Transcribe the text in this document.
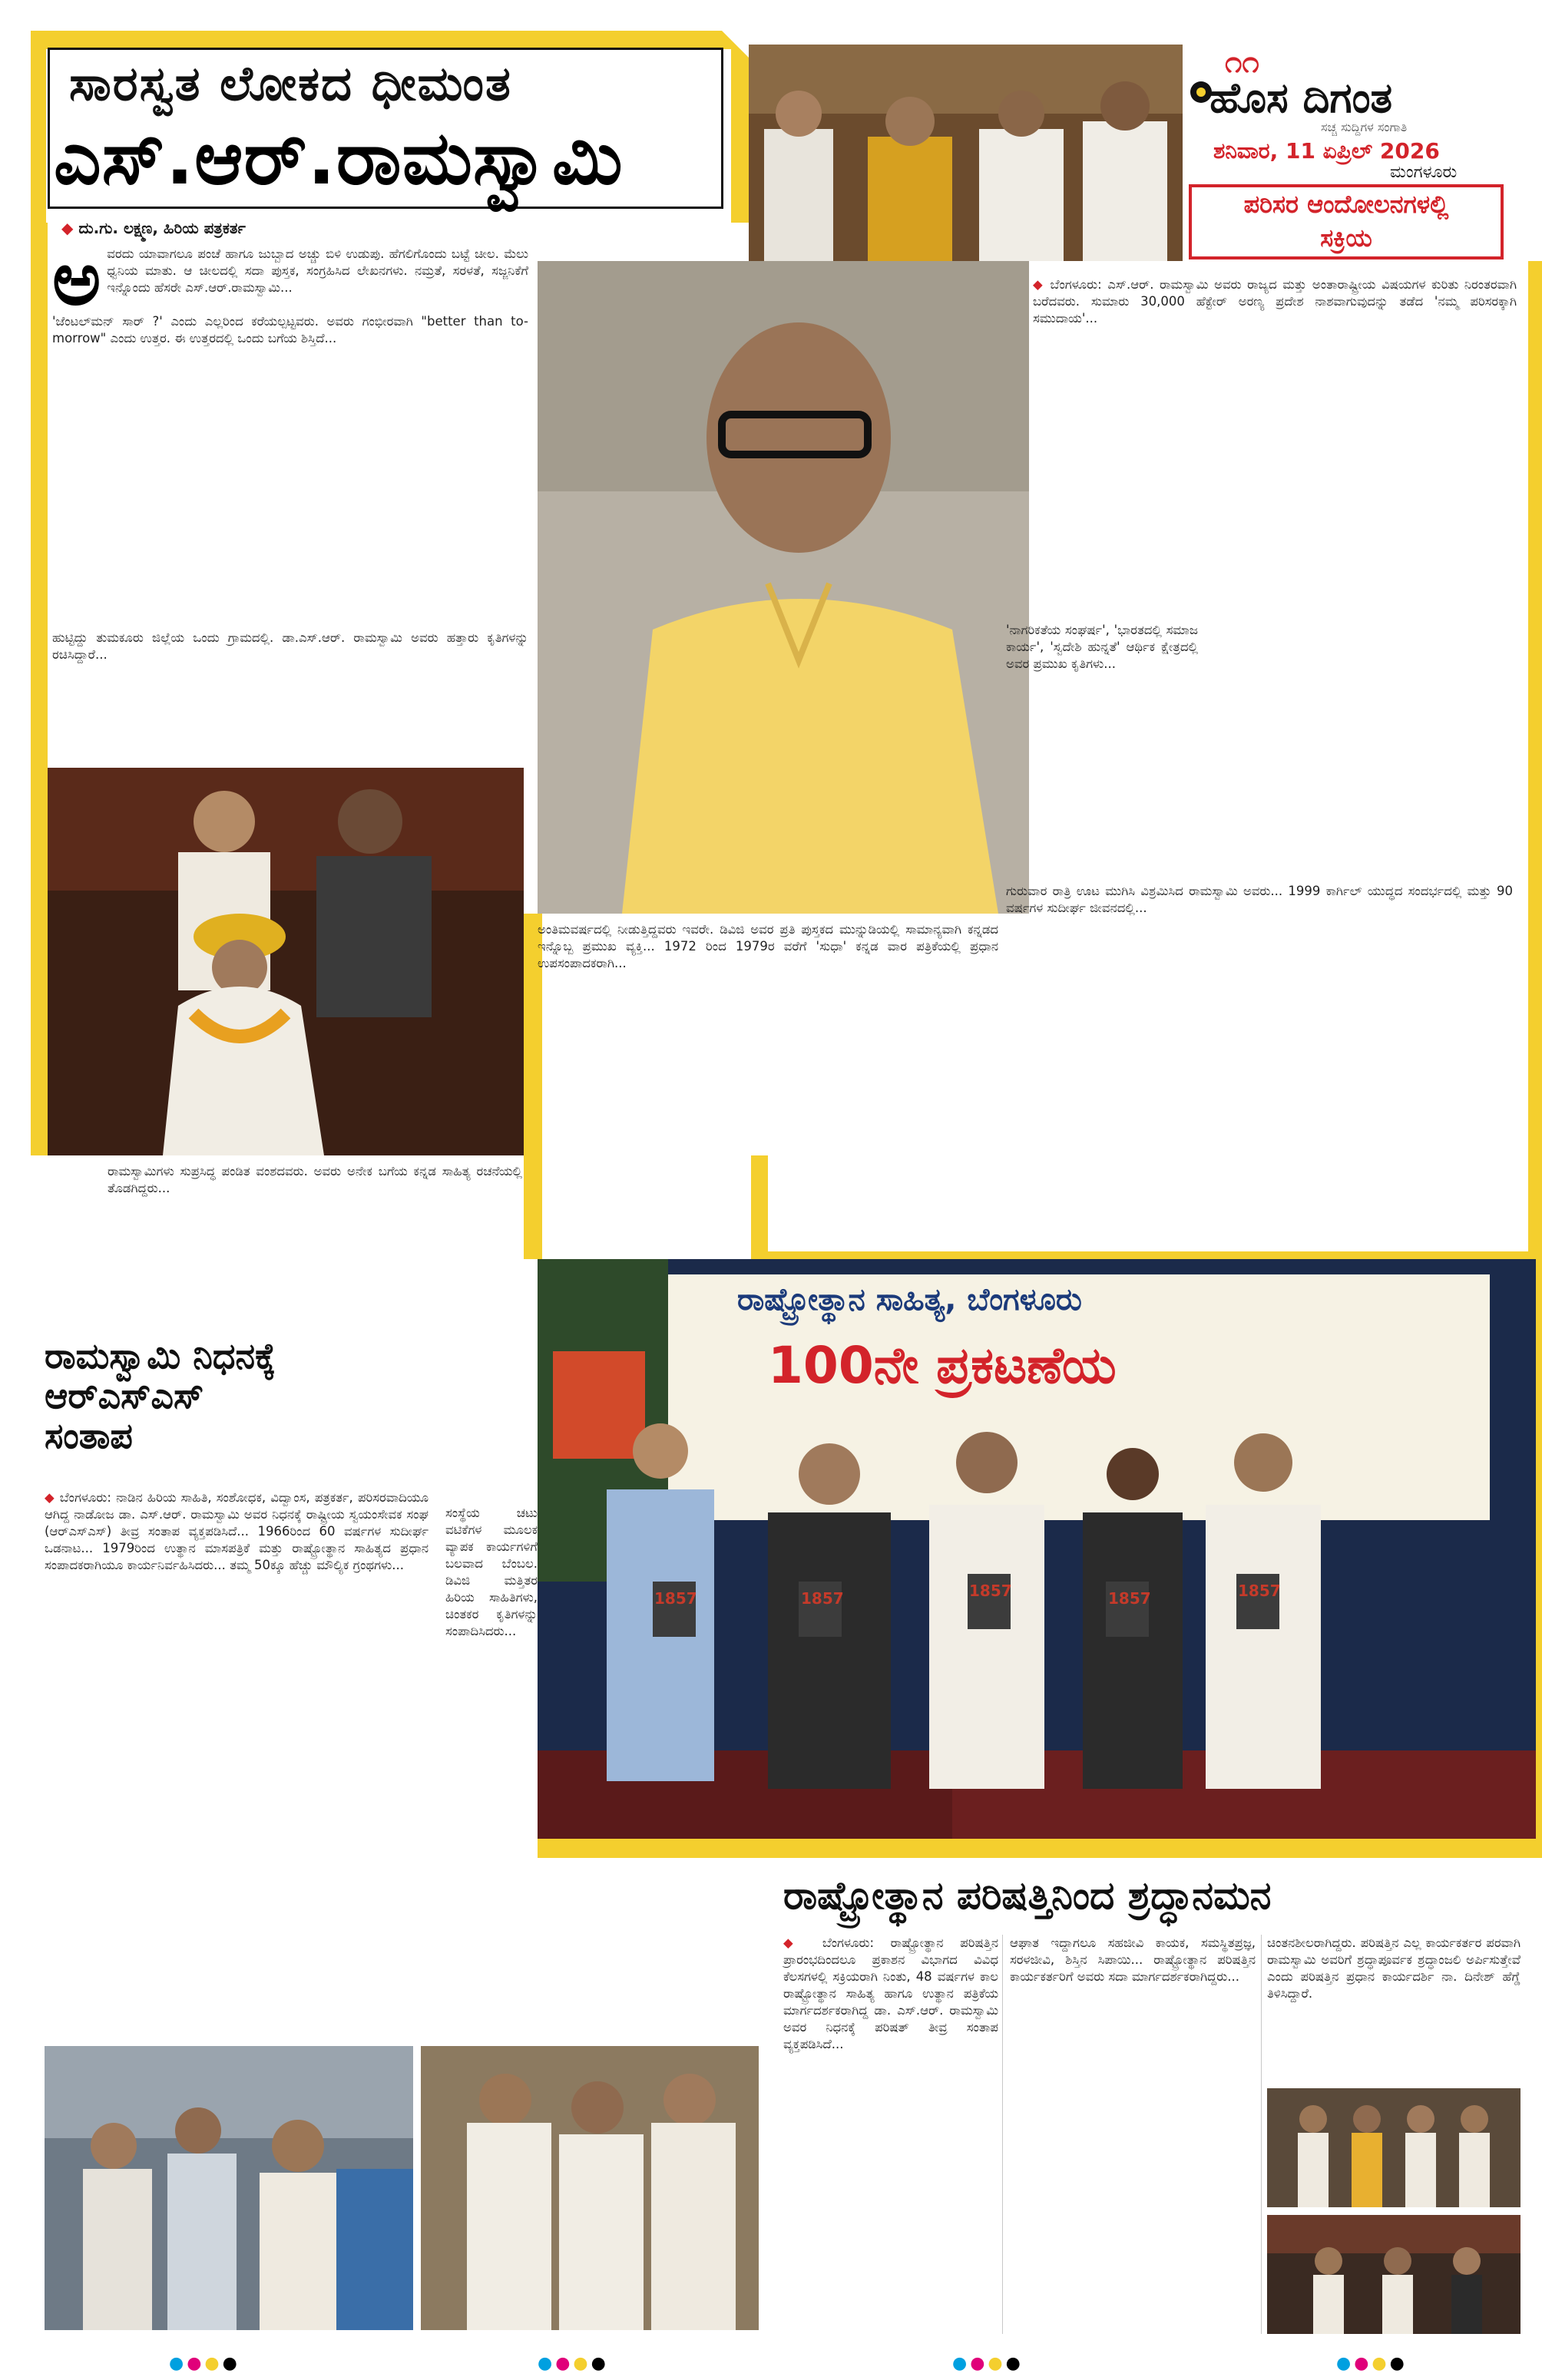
ಸಾರಸ್ವತ ಲೋಕದ ಧೀಮಂತ
ಎಸ್.ಆರ್.ರಾಮಸ್ವಾಮಿ
೧೧
ಹೊಸ ದಿಗಂತ
ಸಚ್ಚ ಸುದ್ದಿಗಳ ಸಂಗಾತಿ
ಶನಿವಾರ, 11 ಏಪ್ರಿಲ್ 2026
ಮಂಗಳೂರು
ಪರಿಸರ ಆಂದೋಲನಗಳಲ್ಲಿ
ಸಕ್ರಿಯ
◆ ದು.ಗು. ಲಕ್ಷ್ಮಣ, ಹಿರಿಯ ಪತ್ರಕರ್ತ
ಅ ವರದು ಯಾವಾಗಲೂ ಪಂಚೆ ಹಾಗೂ ಜುಬ್ಬಾದ ಅಚ್ಚು ಬಿಳಿ ಉಡುಪು. ಹೆಗಲಿಗೊಂದು ಬಟ್ಟೆ ಚೀಲ. ಮೆಲು ಧ್ವನಿಯ ಮಾತು. ಆ ಚೀಲದಲ್ಲಿ ಸದಾ ಪುಸ್ತಕ, ಸಂಗ್ರಹಿಸಿದ ಲೇಖನಗಳು. ನಮ್ರತೆ, ಸರಳತೆ, ಸಜ್ಜನಿಕೆಗೆ ಇನ್ನೊಂದು ಹೆಸರೇ ಎಸ್.ಆರ್.ರಾಮಸ್ವಾಮಿ...

'ಜೆಂಟಲ್‌ಮನ್ ಸಾರ್ ?' ಎಂದು ಎಲ್ಲರಿಂದ ಕರೆಯಲ್ಪಟ್ಟವರು. ಅವರು ಗಂಭೀರವಾಗಿ "better than to-morrow" ಎಂದು ಉತ್ತರ. ಈ ಉತ್ತರದಲ್ಲಿ ಒಂದು ಬಗೆಯ ಶಿಸ್ತಿದೆ...
ಹುಟ್ಟಿದ್ದು ತುಮಕೂರು ಜಿಲ್ಲೆಯ ಒಂದು ಗ್ರಾಮದಲ್ಲಿ. ಡಾ.ಎಸ್.ಆರ್. ರಾಮಸ್ವಾಮಿ ಅವರು ಹತ್ತಾರು ಕೃತಿಗಳನ್ನು ರಚಿಸಿದ್ದಾರೆ...
◆ ಬೆಂಗಳೂರು: ಎಸ್.ಆರ್. ರಾಮಸ್ವಾಮಿ ಅವರು ರಾಜ್ಯದ ಮತ್ತು ಅಂತಾರಾಷ್ಟ್ರೀಯ ವಿಷಯಗಳ ಕುರಿತು ನಿರಂತರವಾಗಿ ಬರೆದವರು. ಸುಮಾರು 30,000 ಹೆಕ್ಟೇರ್ ಅರಣ್ಯ ಪ್ರದೇಶ ನಾಶವಾಗುವುದನ್ನು ತಡೆದ 'ನಮ್ಮ ಪರಿಸರಕ್ಕಾಗಿ ಸಮುದಾಯ'...
'ನಾಗರಿಕತೆಯ ಸಂಘರ್ಷ', 'ಭಾರತದಲ್ಲಿ ಸಮಾಜ ಕಾರ್ಯ', 'ಸ್ವದೇಶಿ ಹುನ್ನತೆ' ಆರ್ಥಿಕ ಕ್ಷೇತ್ರದಲ್ಲಿ ಅವರ ಪ್ರಮುಖ ಕೃತಿಗಳು...
ಗುರುವಾರ ರಾತ್ರಿ ಊಟ ಮುಗಿಸಿ ವಿಶ್ರಮಿಸಿದ ರಾಮಸ್ವಾಮಿ ಅವರು... 1999 ಕಾರ್ಗಿಲ್ ಯುದ್ಧದ ಸಂದರ್ಭದಲ್ಲಿ ಮತ್ತು 90 ವರ್ಷಗಳ ಸುದೀರ್ಘ ಜೀವನದಲ್ಲಿ...
ಅಂತಿಮವರ್ಷದಲ್ಲಿ ನೀಡುತ್ತಿದ್ದವರು ಇವರೇ. ಡಿವಿಜಿ ಅವರ ಪ್ರತಿ ಪುಸ್ತಕದ ಮುನ್ನುಡಿಯಲ್ಲಿ ಸಾಮಾನ್ಯವಾಗಿ ಕನ್ನಡದ ಇನ್ನೊಬ್ಬ ಪ್ರಮುಖ ವ್ಯಕ್ತಿ... 1972 ರಿಂದ 1979ರ ವರೆಗೆ 'ಸುಧಾ' ಕನ್ನಡ ವಾರ ಪತ್ರಿಕೆಯಲ್ಲಿ ಪ್ರಧಾನ ಉಪಸಂಪಾದಕರಾಗಿ...
ರಾಮಸ್ವಾಮಿಗಳು ಸುಪ್ರಸಿದ್ಧ ಪಂಡಿತ ವಂಶದವರು. ಅವರು ಅನೇಕ ಬಗೆಯ ಕನ್ನಡ ಸಾಹಿತ್ಯ ರಚನೆಯಲ್ಲಿ ತೊಡಗಿದ್ದರು...
ರಾಷ್ಟ್ರೋತ್ಥಾನ ಸಾಹಿತ್ಯ, ಬೆಂಗಳೂರು
100ನೇ ಪ್ರಕಟಣೆಯ
1857	1857	1857	1857	1857
ರಾಮಸ್ವಾಮಿ ನಿಧನಕ್ಕೆ ಆರ್‌ಎಸ್‌ಎಸ್ ಸಂತಾಪ
◆ ಬೆಂಗಳೂರು: ನಾಡಿನ ಹಿರಿಯ ಸಾಹಿತಿ, ಸಂಶೋಧಕ, ವಿದ್ವಾಂಸ, ಪತ್ರಕರ್ತ, ಪರಿಸರವಾದಿಯೂ ಆಗಿದ್ದ ನಾಡೋಜ ಡಾ. ಎಸ್.ಆರ್. ರಾಮಸ್ವಾಮಿ ಅವರ ನಿಧನಕ್ಕೆ ರಾಷ್ಟ್ರೀಯ ಸ್ವಯಂಸೇವಕ ಸಂಘ (ಆರ್‌ಎಸ್‌ಎಸ್) ತೀವ್ರ ಸಂತಾಪ ವ್ಯಕ್ತಪಡಿಸಿದೆ... 1966ರಿಂದ 60 ವರ್ಷಗಳ ಸುದೀರ್ಘ ಒಡನಾಟ... 1979ರಿಂದ ಉತ್ಥಾನ ಮಾಸಪತ್ರಿಕೆ ಮತ್ತು ರಾಷ್ಟ್ರೋತ್ಥಾನ ಸಾಹಿತ್ಯದ ಪ್ರಧಾನ ಸಂಪಾದಕರಾಗಿಯೂ ಕಾರ್ಯನಿರ್ವಹಿಸಿದರು... ತಮ್ಮ 50ಕ್ಕೂ ಹೆಚ್ಚು ಮೌಲ್ಯಿಕ ಗ್ರಂಥಗಳು...
ಸಂಸ್ಥೆಯ ಚಟು ವಟಿಕೆಗಳ ಮೂಲಕ ವ್ಯಾಪಕ ಕಾರ್ಯಗಳಿಗೆ ಬಲವಾದ ಬೆಂಬಲ. ಡಿವಿಜಿ ಮತ್ತಿತರ ಹಿರಿಯ ಸಾಹಿತಿಗಳು, ಚಿಂತಕರ ಕೃತಿಗಳನ್ನು ಸಂಪಾದಿಸಿದರು...
ರಾಷ್ಟ್ರೋತ್ಥಾನ ಪರಿಷತ್ತಿನಿಂದ ಶ್ರದ್ಧಾನಮನ
◆ ಬೆಂಗಳೂರು: ರಾಷ್ಟ್ರೋತ್ಥಾನ ಪರಿಷತ್ತಿನ ಪ್ರಾರಂಭದಿಂದಲೂ ಪ್ರಕಾಶನ ವಿಭಾಗದ ವಿವಿಧ ಕೆಲಸಗಳಲ್ಲಿ ಸಕ್ರಿಯರಾಗಿ ನಿಂತು, 48 ವರ್ಷಗಳ ಕಾಲ ರಾಷ್ಟ್ರೋತ್ಥಾನ ಸಾಹಿತ್ಯ ಹಾಗೂ ಉತ್ಥಾನ ಪತ್ರಿಕೆಯ ಮಾರ್ಗದರ್ಶಕರಾಗಿದ್ದ ಡಾ. ಎಸ್.ಆರ್. ರಾಮಸ್ವಾಮಿ ಅವರ ನಿಧನಕ್ಕೆ ಪರಿಷತ್ ತೀವ್ರ ಸಂತಾಪ ವ್ಯಕ್ತಪಡಿಸಿದೆ...
ಆಘಾತ ಇದ್ದಾಗಲೂ ಸಹಜೀವಿ ಕಾಯಕ, ಸಮಸ್ಥಿತಪ್ರಜ್ಞ, ಸರಳಜೀವಿ, ಶಿಸ್ತಿನ ಸಿಪಾಯಿ... ರಾಷ್ಟ್ರೋತ್ಥಾನ ಪರಿಷತ್ತಿನ ಕಾರ್ಯಕರ್ತರಿಗೆ ಅವರು ಸದಾ ಮಾರ್ಗದರ್ಶಕರಾಗಿದ್ದರು...
ಚಿಂತನಶೀಲರಾಗಿದ್ದರು. ಪರಿಷತ್ತಿನ ಎಲ್ಲ ಕಾರ್ಯಕರ್ತರ ಪರವಾಗಿ ರಾಮಸ್ವಾಮಿ ಅವರಿಗೆ ಶ್ರದ್ಧಾಪೂರ್ವಕ ಶ್ರದ್ಧಾಂಜಲಿ ಅರ್ಪಿಸುತ್ತೇವೆ ಎಂದು ಪರಿಷತ್ತಿನ ಪ್ರಧಾನ ಕಾರ್ಯದರ್ಶಿ ನಾ. ದಿನೇಶ್ ಹೆಗ್ಡೆ ತಿಳಿಸಿದ್ದಾರೆ.
●●●●	●●●●	●●●●	●●●●
